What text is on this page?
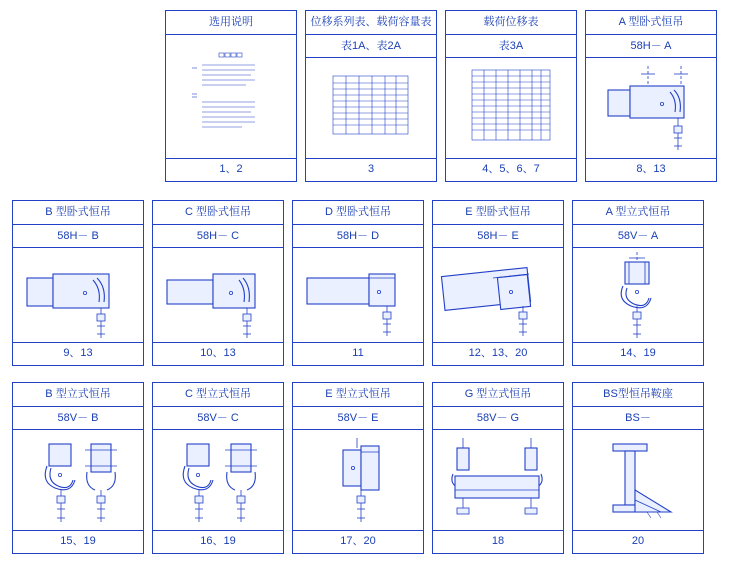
选用说明
1、2
位移系列表、载荷容量表
表1A、表2A
3
载荷位移表
表3A
4、5、6、7
A 型卧式恒吊
58H－ A
8、13
B 型卧式恒吊
58H－ B
9、13
C 型卧式恒吊
58H－ C
10、13
D 型卧式恒吊
58H－ D
11
E 型卧式恒吊
58H－ E
12、13、20
A 型立式恒吊
58V－ A
14、19
B 型立式恒吊
58V－ B
15、19
C 型立式恒吊
58V－ C
16、19
E 型立式恒吊
58V－ E
17、20
G 型立式恒吊
58V－ G
18
BS型恒吊鞍座
BS－
20
